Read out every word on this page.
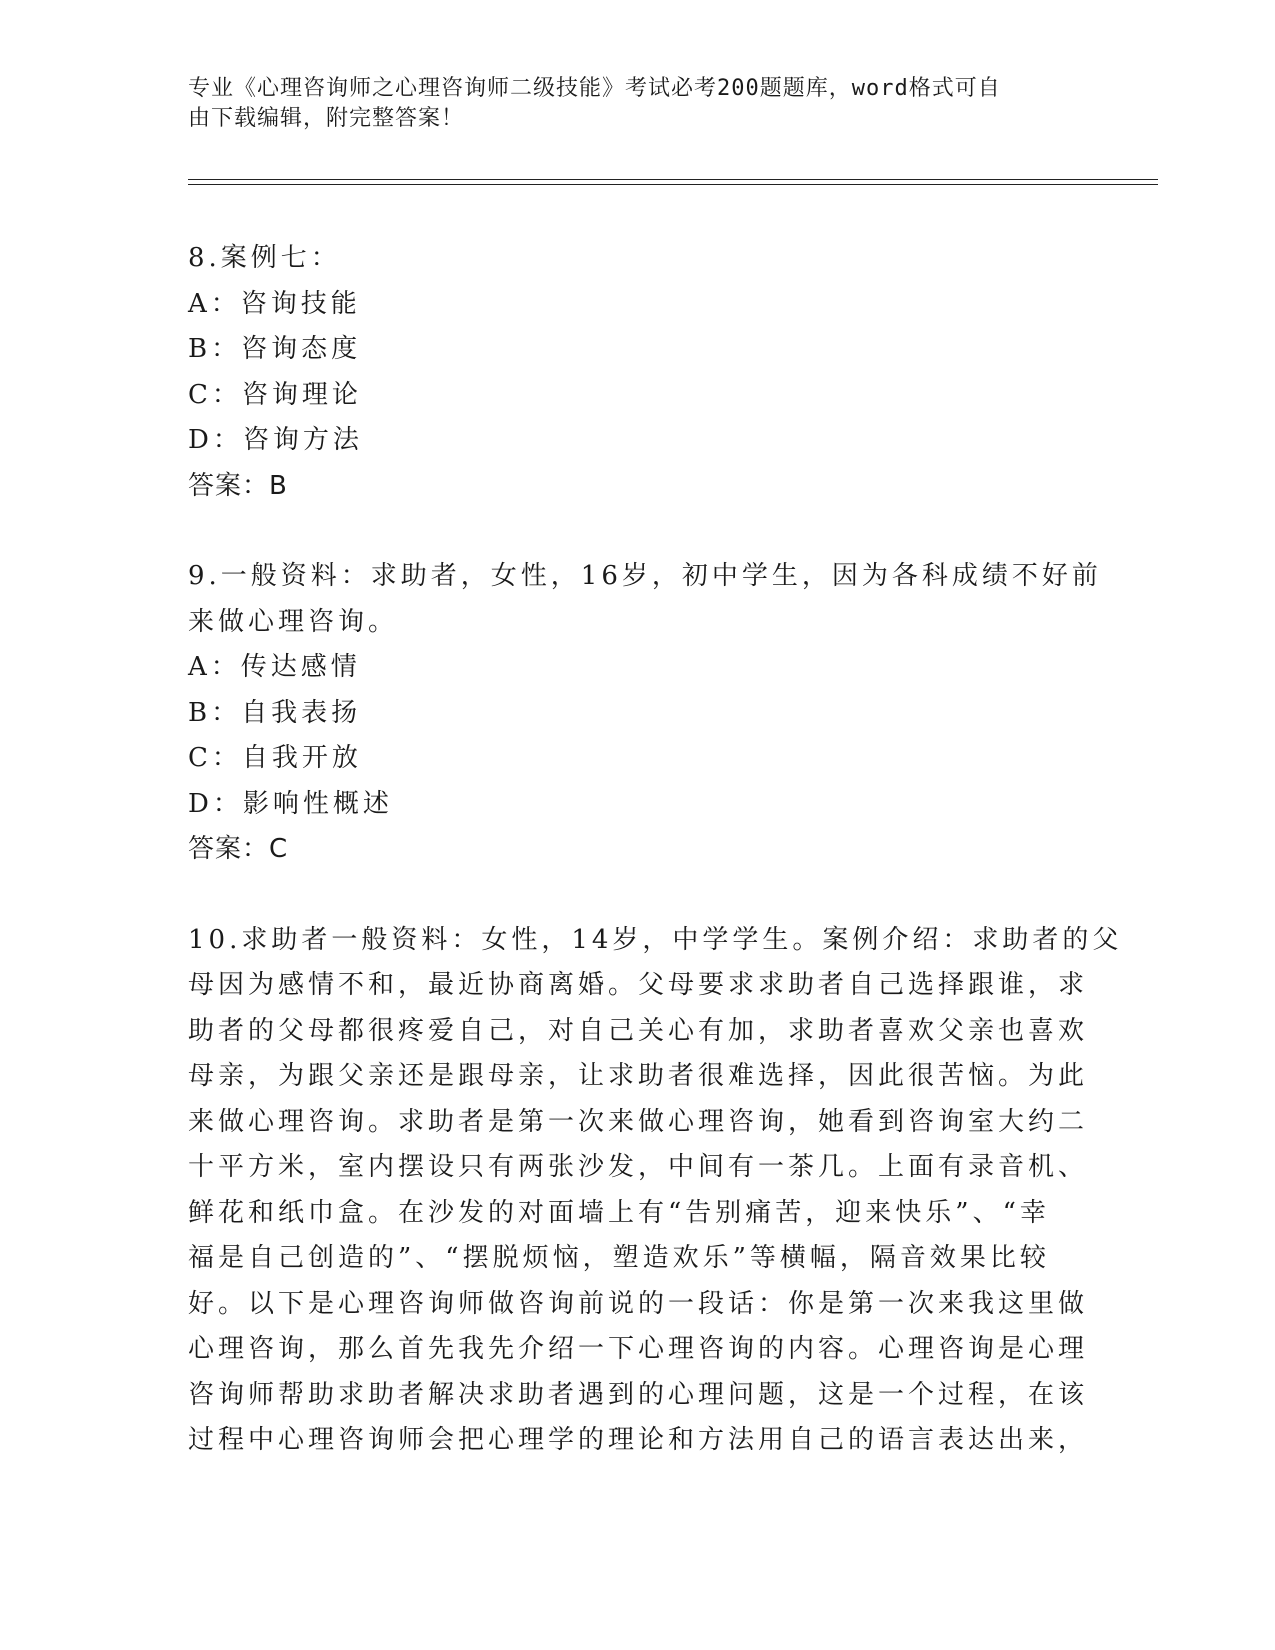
专业《心理咨询师之心理咨询师二级技能》考试必考200题题库，word格式可自
由下载编辑，附完整答案！
8.案例七：
A：咨询技能
B：咨询态度
C：咨询理论
D：咨询方法
答案：B
9.一般资料：求助者，女性，16岁，初中学生，因为各科成绩不好前
来做心理咨询。
A：传达感情
B：自我表扬
C：自我开放
D：影响性概述
答案：C
10.求助者一般资料：女性，14岁，中学学生。案例介绍：求助者的父
母因为感情不和，最近协商离婚。父母要求求助者自己选择跟谁，求
助者的父母都很疼爱自己，对自己关心有加，求助者喜欢父亲也喜欢
母亲，为跟父亲还是跟母亲，让求助者很难选择，因此很苦恼。为此
来做心理咨询。求助者是第一次来做心理咨询，她看到咨询室大约二
十平方米，室内摆设只有两张沙发，中间有一茶几。上面有录音机、
鲜花和纸巾盒。在沙发的对面墙上有“告别痛苦，迎来快乐”、“幸
福是自己创造的”、“摆脱烦恼，塑造欢乐”等横幅，隔音效果比较
好。以下是心理咨询师做咨询前说的一段话：你是第一次来我这里做
心理咨询，那么首先我先介绍一下心理咨询的内容。心理咨询是心理
咨询师帮助求助者解决求助者遇到的心理问题，这是一个过程，在该
过程中心理咨询师会把心理学的理论和方法用自己的语言表达出来，
